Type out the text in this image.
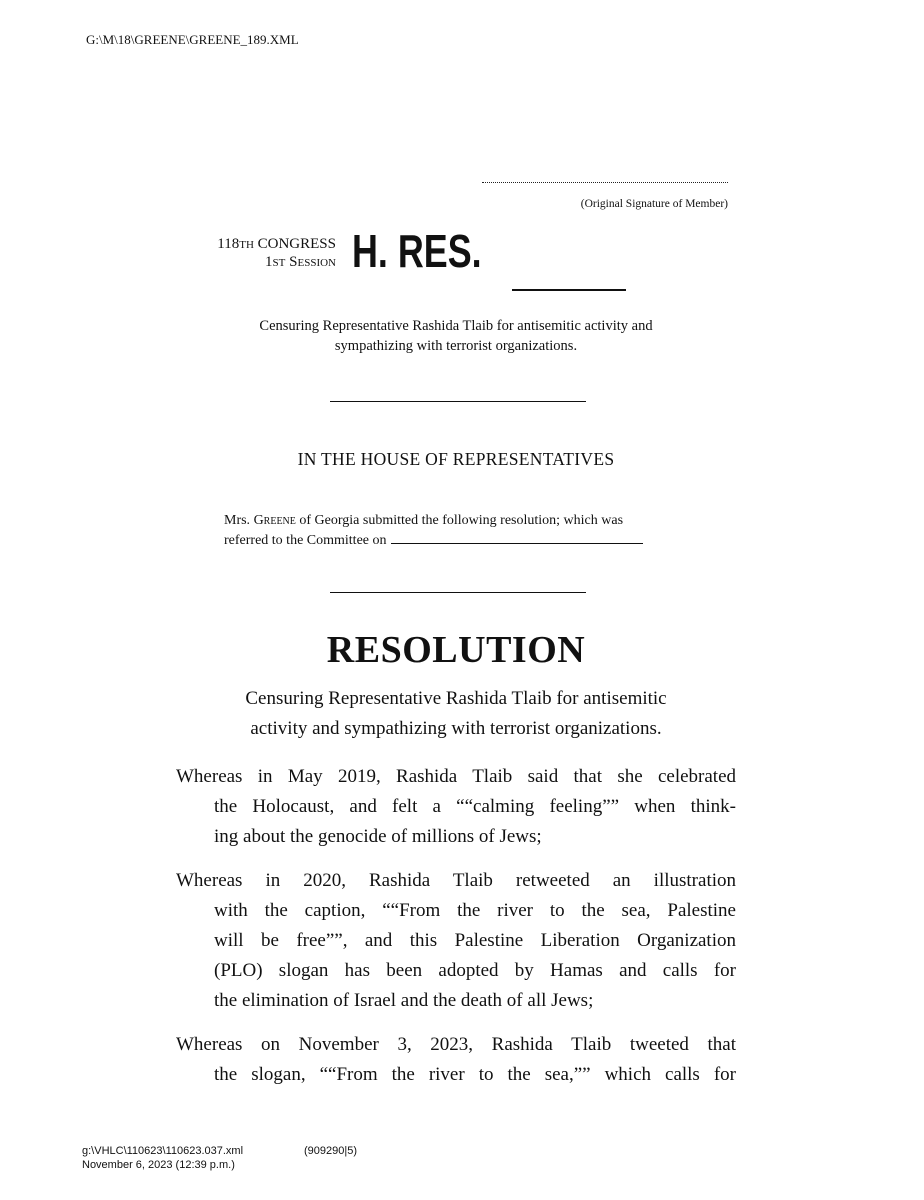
G:\M\18\GREENE\GREENE_189.XML
(Original Signature of Member)
118TH CONGRESS
1ST Session H. RES.
Censuring Representative Rashida Tlaib for antisemitic activity and
sympathizing with terrorist organizations.
IN THE HOUSE OF REPRESENTATIVES
Mrs. Greene of Georgia submitted the following resolution; which was
referred to the Committee on
RESOLUTION
Censuring Representative Rashida Tlaib for antisemitic
activity and sympathizing with terrorist organizations.
Whereas in May 2019, Rashida Tlaib said that she celebrated
the Holocaust, and felt a ““calming feeling”” when think-
ing about the genocide of millions of Jews;
Whereas in 2020, Rashida Tlaib retweeted an illustration
with the caption, ““From the river to the sea, Palestine
will be free””, and this Palestine Liberation Organization
(PLO) slogan has been adopted by Hamas and calls for
the elimination of Israel and the death of all Jews;
Whereas on November 3, 2023, Rashida Tlaib tweeted that
the slogan, ““From the river to the sea,”” which calls for
g:\VHLC\110623\110623.037.xml
November 6, 2023 (12:39 p.m.)
(909290|5)
